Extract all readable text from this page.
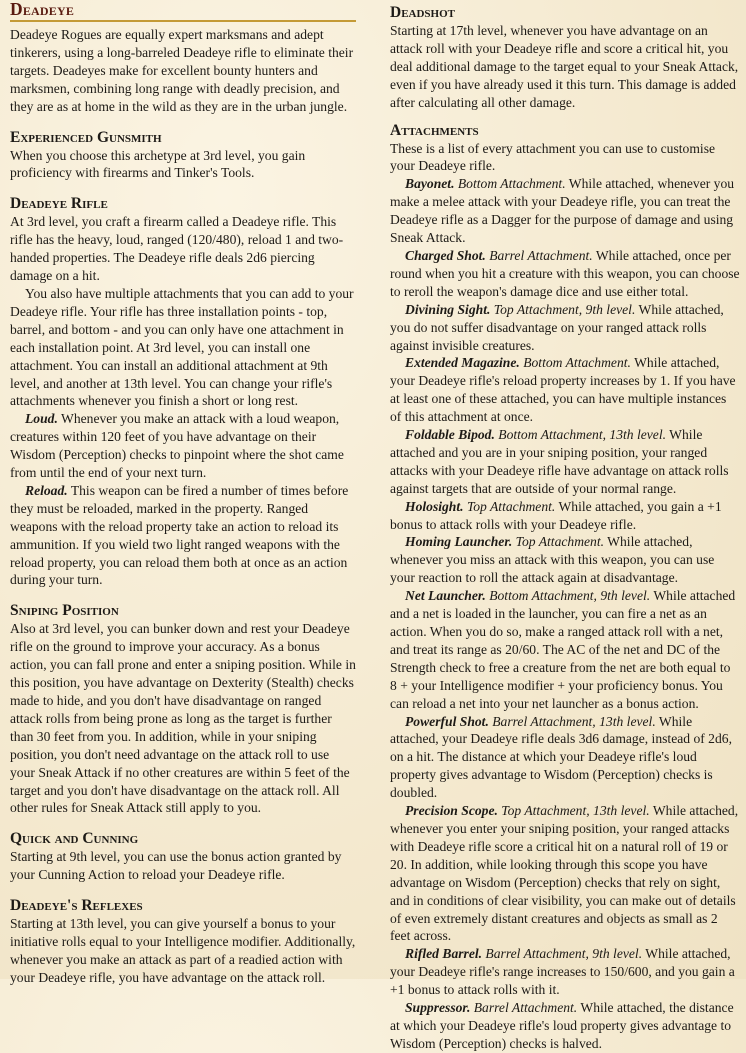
Deadeye

Deadeye Rogues are equally expert marksmans and adept tinkerers, using a long-barreled Deadeye rifle to eliminate their targets. Deadeyes make for excellent bounty hunters and marksmen, combining long range with deadly precision, and they are as at home in the wild as they are in the urban jungle.

Experienced Gunsmith

When you choose this archetype at 3rd level, you gain proficiency with firearms and Tinker's Tools.

Deadeye Rifle

At 3rd level, you craft a firearm called a Deadeye rifle. This rifle has the heavy, loud, ranged (120/480), reload 1 and two-handed properties. The Deadeye rifle deals 2d6 piercing damage on a hit.

You also have multiple attachments that you can add to your Deadeye rifle. Your rifle has three installation points - top, barrel, and bottom - and you can only have one attachment in each installation point. At 3rd level, you can install one attachment. You can install an additional attachment at 9th level, and another at 13th level. You can change your rifle's attachments whenever you finish a short or long rest.

Loud. Whenever you make an attack with a loud weapon, creatures within 120 feet of you have advantage on their Wisdom (Perception) checks to pinpoint where the shot came from until the end of your next turn.

Reload. This weapon can be fired a number of times before they must be reloaded, marked in the property. Ranged weapons with the reload property take an action to reload its ammunition. If you wield two light ranged weapons with the reload property, you can reload them both at once as an action during your turn.

Sniping Position

Also at 3rd level, you can bunker down and rest your Deadeye rifle on the ground to improve your accuracy. As a bonus action, you can fall prone and enter a sniping position. While in this position, you have advantage on Dexterity (Stealth) checks made to hide, and you don't have disadvantage on ranged attack rolls from being prone as long as the target is further than 30 feet from you. In addition, while in your sniping position, you don't need advantage on the attack roll to use your Sneak Attack if no other creatures are within 5 feet of the target and you don't have disadvantage on the attack roll. All other rules for Sneak Attack still apply to you.

Quick and Cunning

Starting at 9th level, you can use the bonus action granted by your Cunning Action to reload your Deadeye rifle.

Deadeye's Reflexes

Starting at 13th level, you can give yourself a bonus to your initiative rolls equal to your Intelligence modifier. Additionally, whenever you make an attack as part of a readied action with your Deadeye rifle, you have advantage on the attack roll.

Deadshot

Starting at 17th level, whenever you have advantage on an attack roll with your Deadeye rifle and score a critical hit, you deal additional damage to the target equal to your Sneak Attack, even if you have already used it this turn. This damage is added after calculating all other damage.

Attachments

These is a list of every attachment you can use to customise your Deadeye rifle.

Bayonet. Bottom Attachment. While attached, whenever you make a melee attack with your Deadeye rifle, you can treat the Deadeye rifle as a Dagger for the purpose of damage and using Sneak Attack.

Charged Shot. Barrel Attachment. While attached, once per round when you hit a creature with this weapon, you can choose to reroll the weapon's damage dice and use either total.

Divining Sight. Top Attachment, 9th level. While attached, you do not suffer disadvantage on your ranged attack rolls against invisible creatures.

Extended Magazine. Bottom Attachment. While attached, your Deadeye rifle's reload property increases by 1. If you have at least one of these attached, you can have multiple instances of this attachment at once.

Foldable Bipod. Bottom Attachment, 13th level. While attached and you are in your sniping position, your ranged attacks with your Deadeye rifle have advantage on attack rolls against targets that are outside of your normal range.

Holosight. Top Attachment. While attached, you gain a +1 bonus to attack rolls with your Deadeye rifle.

Homing Launcher. Top Attachment. While attached, whenever you miss an attack with this weapon, you can use your reaction to roll the attack again at disadvantage.

Net Launcher. Bottom Attachment, 9th level. While attached and a net is loaded in the launcher, you can fire a net as an action. When you do so, make a ranged attack roll with a net, and treat its range as 20/60. The AC of the net and DC of the Strength check to free a creature from the net are both equal to 8 + your Intelligence modifier + your proficiency bonus. You can reload a net into your net launcher as a bonus action.

Powerful Shot. Barrel Attachment, 13th level. While attached, your Deadeye rifle deals 3d6 damage, instead of 2d6, on a hit. The distance at which your Deadeye rifle's loud property gives advantage to Wisdom (Perception) checks is doubled.

Precision Scope. Top Attachment, 13th level. While attached, whenever you enter your sniping position, your ranged attacks with Deadeye rifle score a critical hit on a natural roll of 19 or 20. In addition, while looking through this scope you have advantage on Wisdom (Perception) checks that rely on sight, and in conditions of clear visibility, you can make out of details of even extremely distant creatures and objects as small as 2 feet across.

Rifled Barrel. Barrel Attachment, 9th level. While attached, your Deadeye rifle's range increases to 150/600, and you gain a +1 bonus to attack rolls with it.

Suppressor. Barrel Attachment. While attached, the distance at which your Deadeye rifle's loud property gives advantage to Wisdom (Perception) checks is halved.
